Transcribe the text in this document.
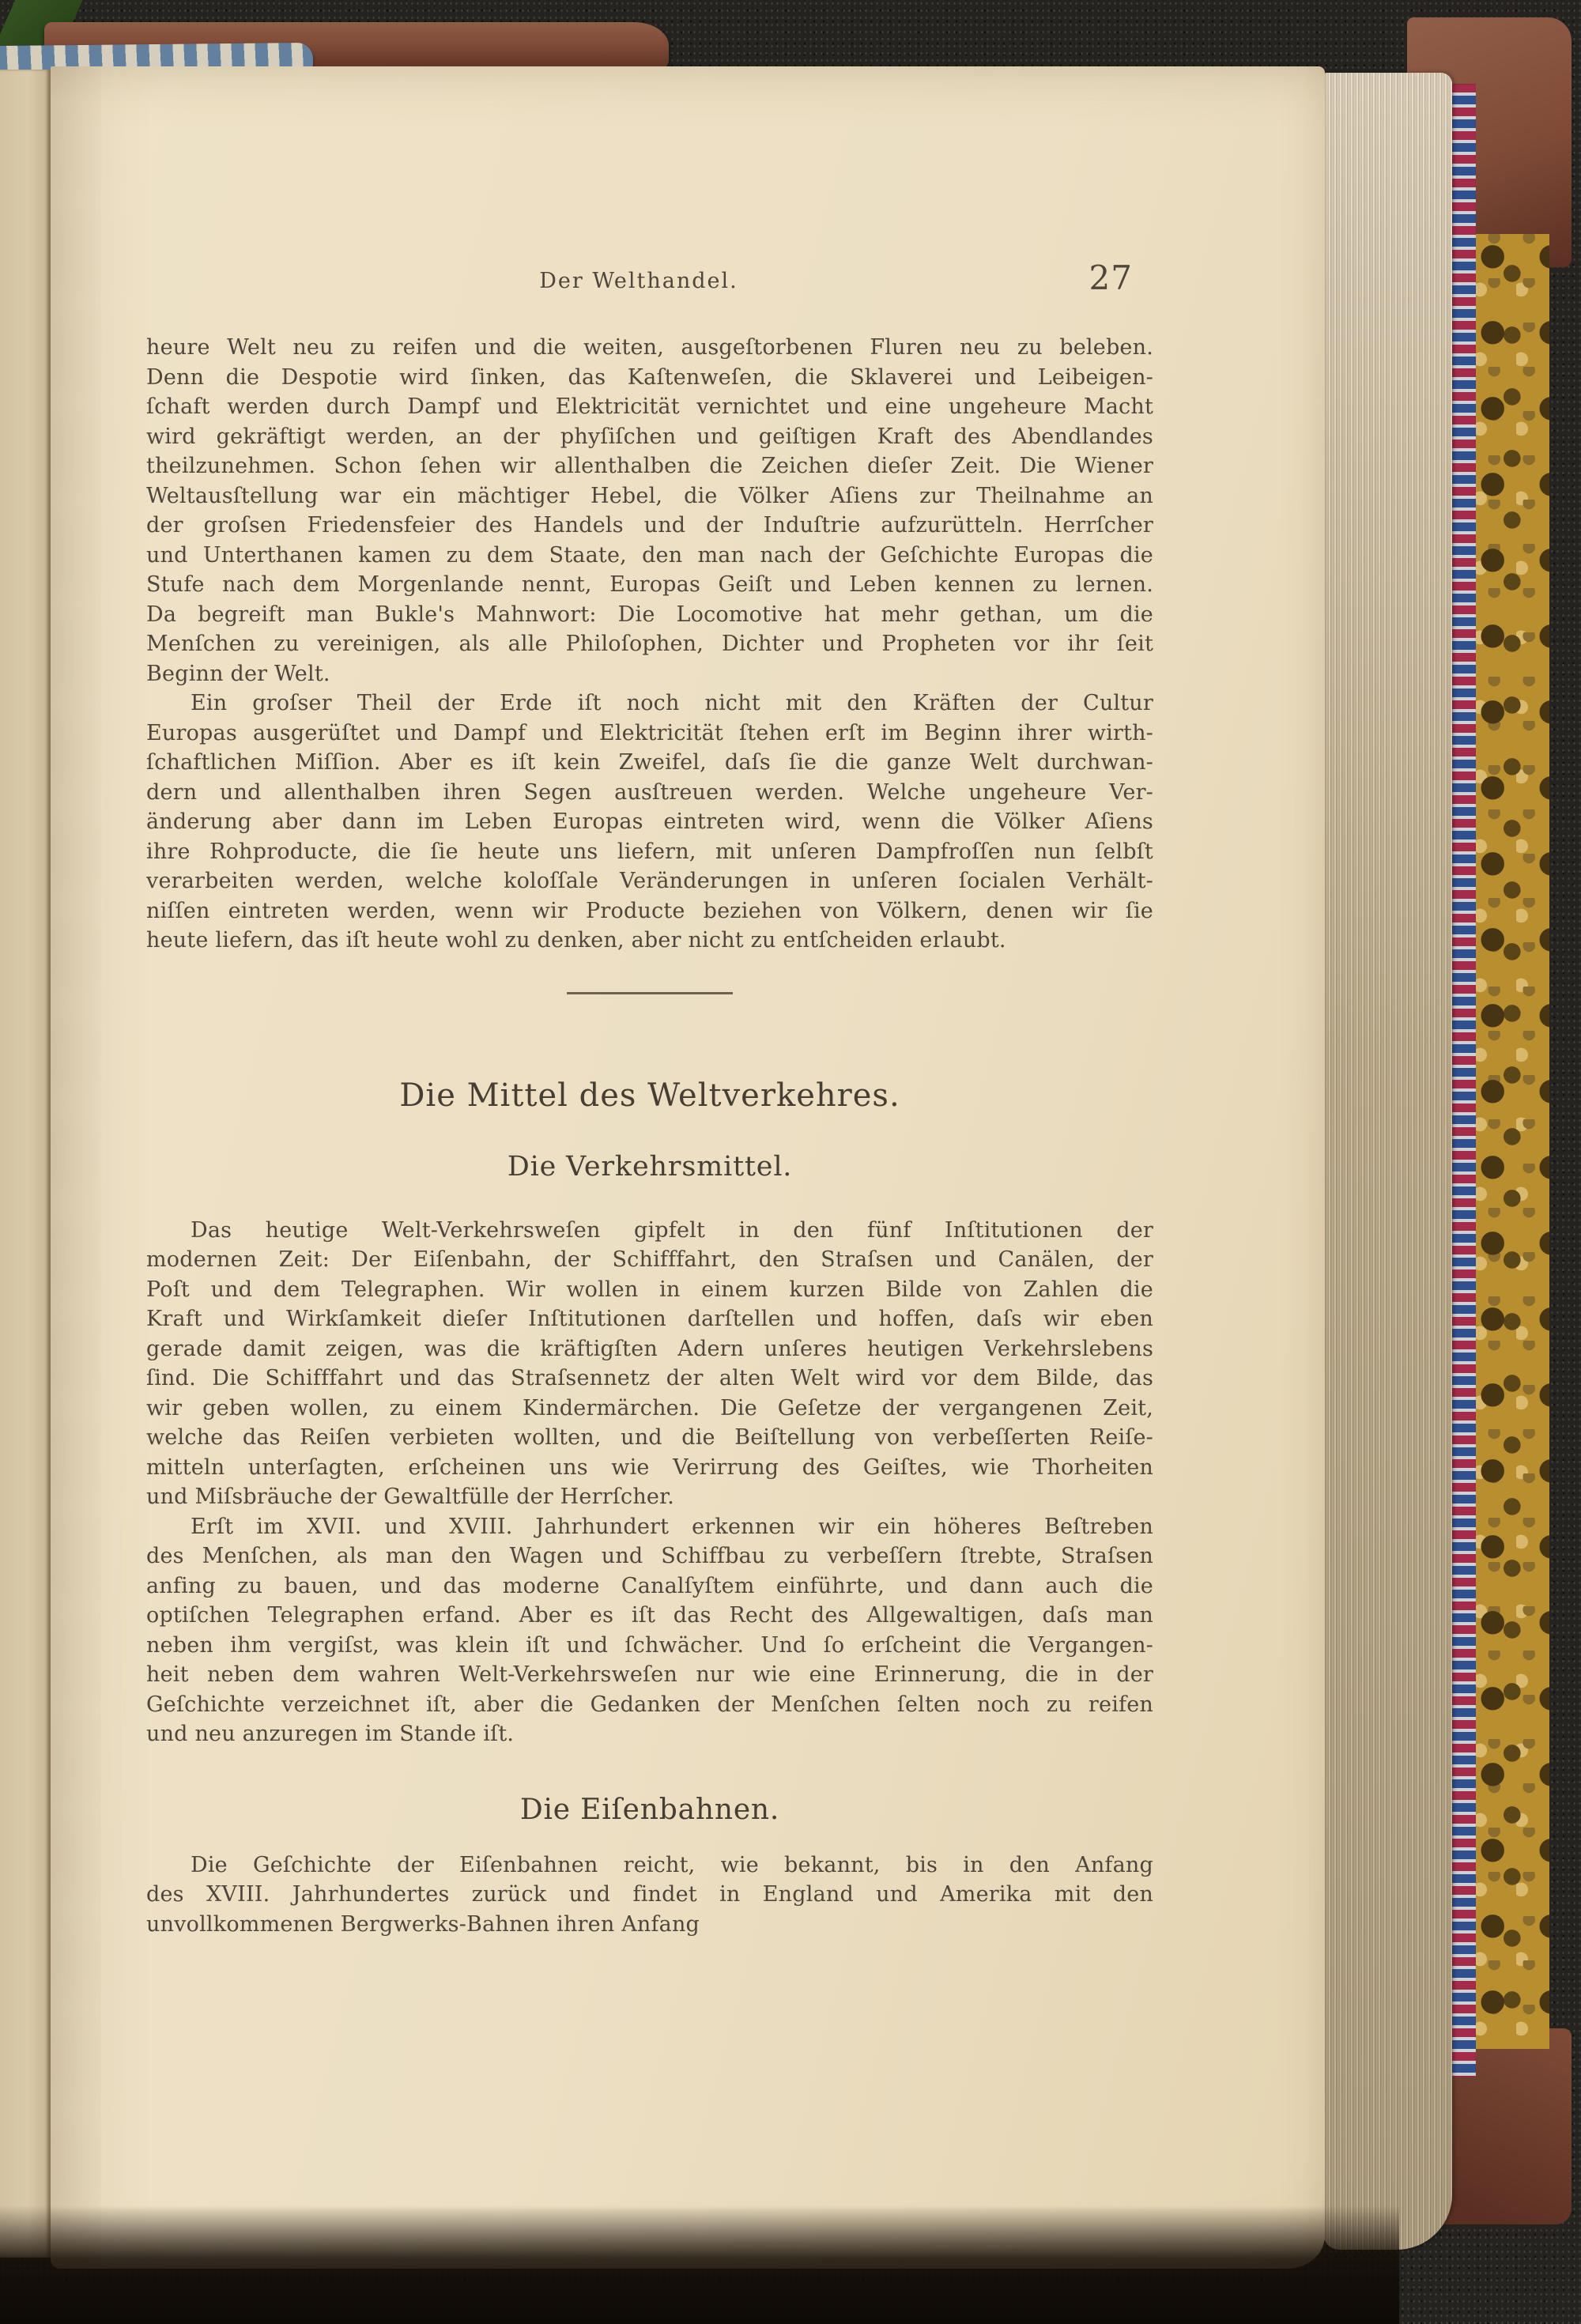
Der Welthandel.	27
heure Welt neu zu reifen und die weiten, ausgeſtorbenen Fluren neu zu beleben.
Denn die Despotie wird ſinken, das Kaſtenweſen, die Sklaverei und Leibeigen-
ſchaft werden durch Dampf und Elektricität vernichtet und eine ungeheure Macht
wird gekräftigt werden, an der phyſiſchen und geiſtigen Kraft des Abendlandes
theilzunehmen. Schon ſehen wir allenthalben die Zeichen dieſer Zeit. Die Wiener
Weltausſtellung war ein mächtiger Hebel, die Völker Aſiens zur Theilnahme an
der groſsen Friedensfeier des Handels und der Induſtrie aufzurütteln. Herrſcher
und Unterthanen kamen zu dem Staate, den man nach der Geſchichte Europas die
Stufe nach dem Morgenlande nennt, Europas Geiſt und Leben kennen zu lernen.
Da begreift man Bukle's Mahnwort: Die Locomotive hat mehr gethan, um die
Menſchen zu vereinigen, als alle Philoſophen, Dichter und Propheten vor ihr ſeit
Beginn der Welt.
Ein groſser Theil der Erde iſt noch nicht mit den Kräften der Cultur
Europas ausgerüſtet und Dampf und Elektricität ſtehen erſt im Beginn ihrer wirth-
ſchaftlichen Miſſion. Aber es iſt kein Zweifel, daſs ſie die ganze Welt durchwan-
dern und allenthalben ihren Segen ausſtreuen werden. Welche ungeheure Ver-
änderung aber dann im Leben Europas eintreten wird, wenn die Völker Aſiens
ihre Rohproducte, die ſie heute uns liefern, mit unſeren Dampfroſſen nun ſelbſt
verarbeiten werden, welche koloſſale Veränderungen in unſeren ſocialen Verhält-
niſſen eintreten werden, wenn wir Producte beziehen von Völkern, denen wir ſie
heute liefern, das iſt heute wohl zu denken, aber nicht zu entſcheiden erlaubt.
Die Mittel des Weltverkehres.
Die Verkehrsmittel.
Das heutige Welt-Verkehrsweſen gipfelt in den fünf Inſtitutionen der
modernen Zeit: Der Eiſenbahn, der Schifffahrt, den Straſsen und Canälen, der
Poſt und dem Telegraphen. Wir wollen in einem kurzen Bilde von Zahlen die
Kraft und Wirkſamkeit dieſer Inſtitutionen darſtellen und hoffen, daſs wir eben
gerade damit zeigen, was die kräftigſten Adern unſeres heutigen Verkehrslebens
ſind. Die Schifffahrt und das Straſsennetz der alten Welt wird vor dem Bilde, das
wir geben wollen, zu einem Kindermärchen. Die Geſetze der vergangenen Zeit,
welche das Reiſen verbieten wollten, und die Beiſtellung von verbeſſerten Reiſe-
mitteln unterſagten, erſcheinen uns wie Verirrung des Geiſtes, wie Thorheiten
und Miſsbräuche der Gewaltfülle der Herrſcher.
Erſt im XVII. und XVIII. Jahrhundert erkennen wir ein höheres Beſtreben
des Menſchen, als man den Wagen und Schiffbau zu verbeſſern ſtrebte, Straſsen
anfing zu bauen, und das moderne Canalſyſtem einführte, und dann auch die
optiſchen Telegraphen erfand. Aber es iſt das Recht des Allgewaltigen, daſs man
neben ihm vergiſst, was klein iſt und ſchwächer. Und ſo erſcheint die Vergangen-
heit neben dem wahren Welt-Verkehrsweſen nur wie eine Erinnerung, die in der
Geſchichte verzeichnet iſt, aber die Gedanken der Menſchen ſelten noch zu reifen
und neu anzuregen im Stande iſt.
Die Eiſenbahnen.
Die Geſchichte der Eiſenbahnen reicht, wie bekannt, bis in den Anfang
des XVIII. Jahrhundertes zurück und findet in England und Amerika mit den
unvollkommenen Bergwerks-Bahnen ihren Anfang
